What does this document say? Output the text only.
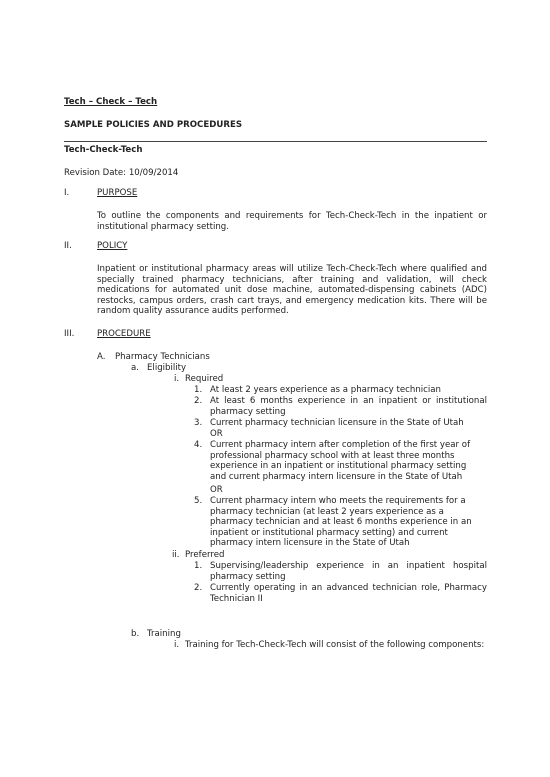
Tech – Check – Tech
SAMPLE POLICIES AND PROCEDURES
Tech-Check-Tech
Revision Date: 10/09/2014
I.	PURPOSE
To outline the components and requirements for Tech-Check-Tech in the inpatient or institutional pharmacy setting.
II.	POLICY
Inpatient or institutional pharmacy areas will utilize Tech-Check-Tech where qualified and specially trained pharmacy technicians, after training and validation, will check medications for automated unit dose machine, automated-dispensing cabinets (ADC) restocks, campus orders, crash cart trays, and emergency medication kits. There will be random quality assurance audits performed.
III.	PROCEDURE
A. Pharmacy Technicians
a. Eligibility
i. Required
1. At least 2 years experience as a pharmacy technician
2. At least 6 months experience in an inpatient or institutional pharmacy setting
3. Current pharmacy technician licensure in the State of Utah
OR
4. Current pharmacy intern after completion of the first year of professional pharmacy school with at least three months experience in an inpatient or institutional pharmacy setting and current pharmacy intern licensure in the State of Utah
OR
5. Current pharmacy intern who meets the requirements for a pharmacy technician (at least 2 years experience as a pharmacy technician and at least 6 months experience in an inpatient or institutional pharmacy setting) and current pharmacy intern licensure in the State of Utah
ii. Preferred
1. Supervising/leadership experience in an inpatient hospital pharmacy setting
2. Currently operating in an advanced technician role, Pharmacy Technician II
b. Training
i. Training for Tech-Check-Tech will consist of the following components:
